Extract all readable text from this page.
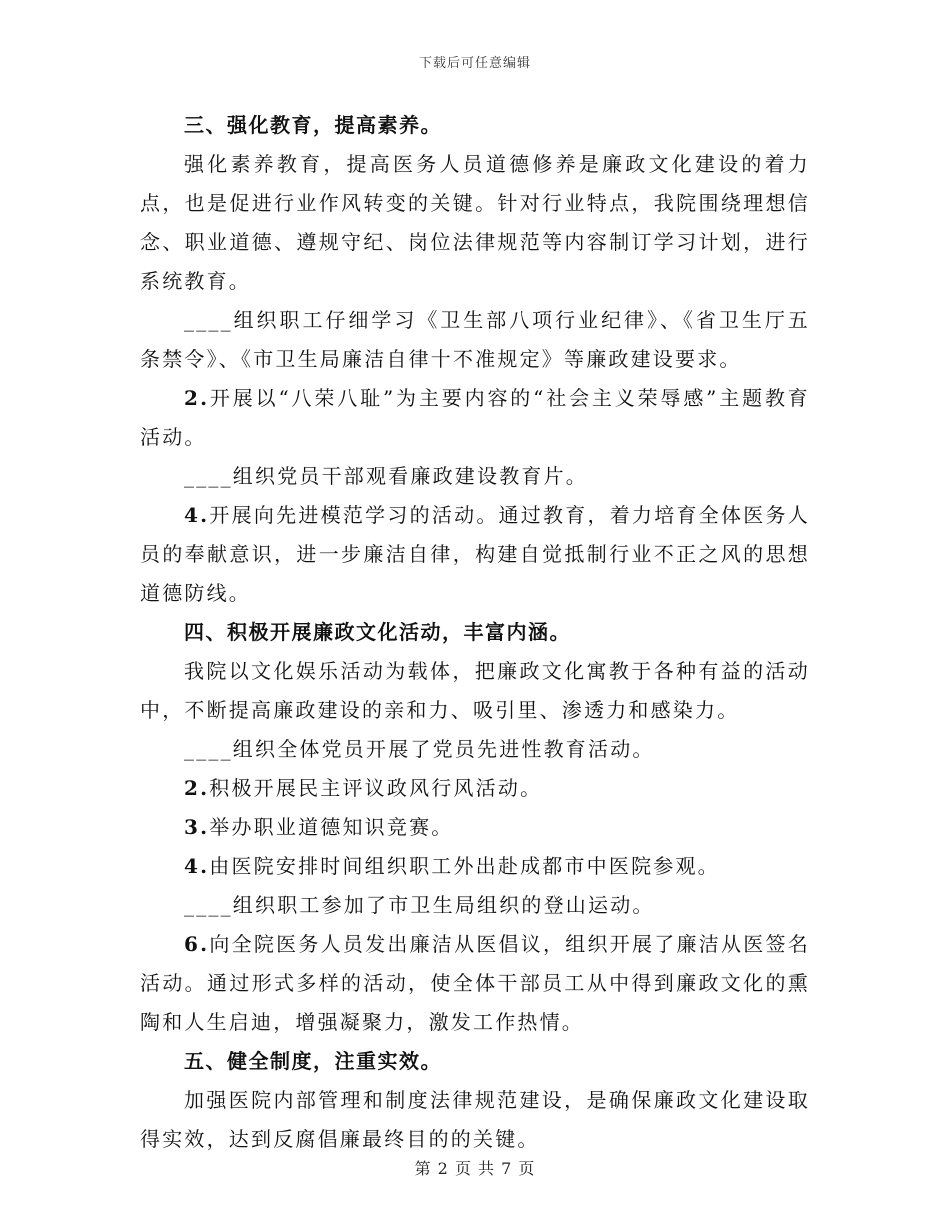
下载后可任意编辑

三、强化教育，提高素养。

强化素养教育，提高医务人员道德修养是廉政文化建设的着力点，也是促进行业作风转变的关键。针对行业特点，我院围绕理想信念、职业道德、遵规守纪、岗位法律规范等内容制订学习计划，进行系统教育。

____组织职工仔细学习《卫生部八项行业纪律》、《省卫生厅五条禁令》、《市卫生局廉洁自律十不准规定》等廉政建设要求。

2.开展以“八荣八耻”为主要内容的“社会主义荣辱感”主题教育活动。

____组织党员干部观看廉政建设教育片。

4.开展向先进模范学习的活动。通过教育，着力培育全体医务人员的奉献意识，进一步廉洁自律，构建自觉抵制行业不正之风的思想道德防线。

四、积极开展廉政文化活动，丰富内涵。

我院以文化娱乐活动为载体，把廉政文化寓教于各种有益的活动中，不断提高廉政建设的亲和力、吸引里、渗透力和感染力。

____组织全体党员开展了党员先进性教育活动。

2.积极开展民主评议政风行风活动。

3.举办职业道德知识竞赛。

4.由医院安排时间组织职工外出赴成都市中医院参观。

____组织职工参加了市卫生局组织的登山运动。

6.向全院医务人员发出廉洁从医倡议，组织开展了廉洁从医签名活动。通过形式多样的活动，使全体干部员工从中得到廉政文化的熏陶和人生启迪，增强凝聚力，激发工作热情。

五、健全制度，注重实效。

加强医院内部管理和制度法律规范建设，是确保廉政文化建设取得实效，达到反腐倡廉最终目的的关键。

第 2 页 共 7 页
